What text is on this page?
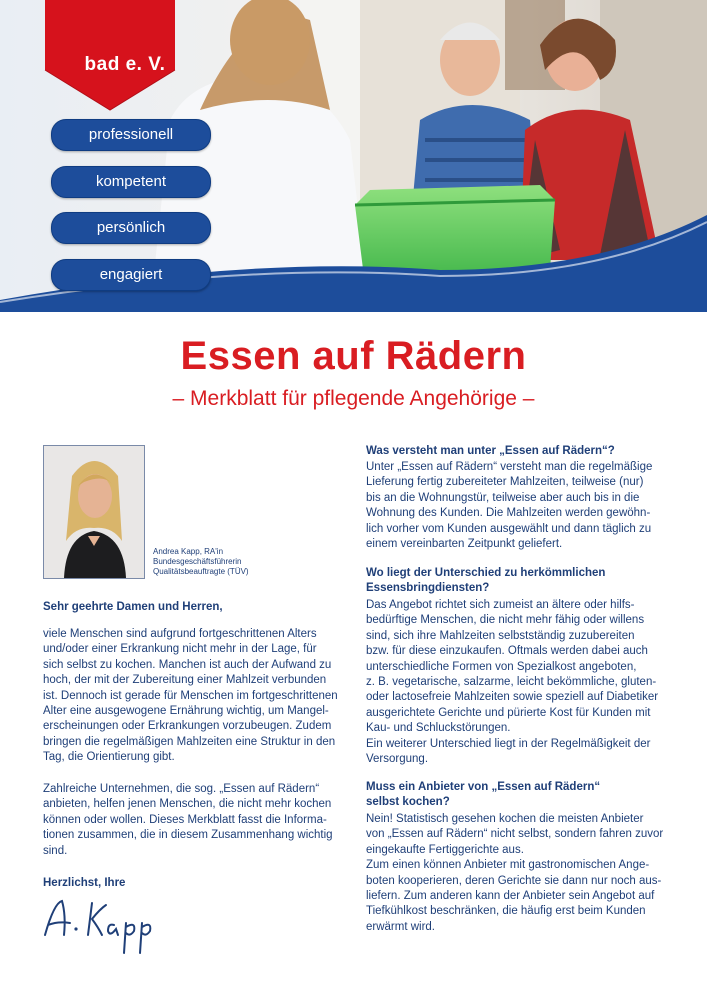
bad e. V.
professionell
kompetent
persönlich
engagiert
Essen auf Rädern
– Merkblatt für pflegende Angehörige –
Andrea Kapp, RA'in
Bundesgeschäftsführerin
Qualitätsbeauftragte (TÜV)
Sehr geehrte Damen und Herren,
viele Menschen sind aufgrund fortgeschrittenen Alters
und/oder einer Erkrankung nicht mehr in der Lage, für
sich selbst zu kochen. Manchen ist auch der Aufwand zu
hoch, der mit der Zubereitung einer Mahlzeit verbunden
ist. Dennoch ist gerade für Menschen im fortgeschrittenen
Alter eine ausgewogene Ernährung wichtig, um Mangel-
erscheinungen oder Erkrankungen vorzubeugen. Zudem
bringen die regelmäßigen Mahlzeiten eine Struktur in den
Tag, die Orientierung gibt.
Zahlreiche Unternehmen, die sog. „Essen auf Rädern“
anbieten, helfen jenen Menschen, die nicht mehr kochen
können oder wollen. Dieses Merkblatt fasst die Informa-
tionen zusammen, die in diesem Zusammenhang wichtig
sind.
Herzlichst, Ihre
Was versteht man unter „Essen auf Rädern“?
Unter „Essen auf Rädern“ versteht man die regelmäßige
Lieferung fertig zubereiteter Mahlzeiten, teilweise (nur)
bis an die Wohnungstür, teilweise aber auch bis in die
Wohnung des Kunden. Die Mahlzeiten werden gewöhn-
lich vorher vom Kunden ausgewählt und dann täglich zu
einem vereinbarten Zeitpunkt geliefert.
Wo liegt der Unterschied zu herkömmlichen
Essensbringdiensten?
Das Angebot richtet sich zumeist an ältere oder hilfs-
bedürftige Menschen, die nicht mehr fähig oder willens
sind, sich ihre Mahlzeiten selbstständig zuzubereiten
bzw. für diese einzukaufen. Oftmals werden dabei auch
unterschiedliche Formen von Spezialkost angeboten,
z. B. vegetarische, salzarme, leicht bekömmliche, gluten-
oder lactosefreie Mahlzeiten sowie speziell auf Diabetiker
ausgerichtete Gerichte und pürierte Kost für Kunden mit
Kau- und Schluckstörungen.
Ein weiterer Unterschied liegt in der Regelmäßigkeit der
Versorgung.
Muss ein Anbieter von „Essen auf Rädern“
selbst kochen?
Nein! Statistisch gesehen kochen die meisten Anbieter
von „Essen auf Rädern“ nicht selbst, sondern fahren zuvor
eingekaufte Fertiggerichte aus.
Zum einen können Anbieter mit gastronomischen Ange-
boten kooperieren, deren Gerichte sie dann nur noch aus-
liefern. Zum anderen kann der Anbieter sein Angebot auf
Tiefkühlkost beschränken, die häufig erst beim Kunden
erwärmt wird.
